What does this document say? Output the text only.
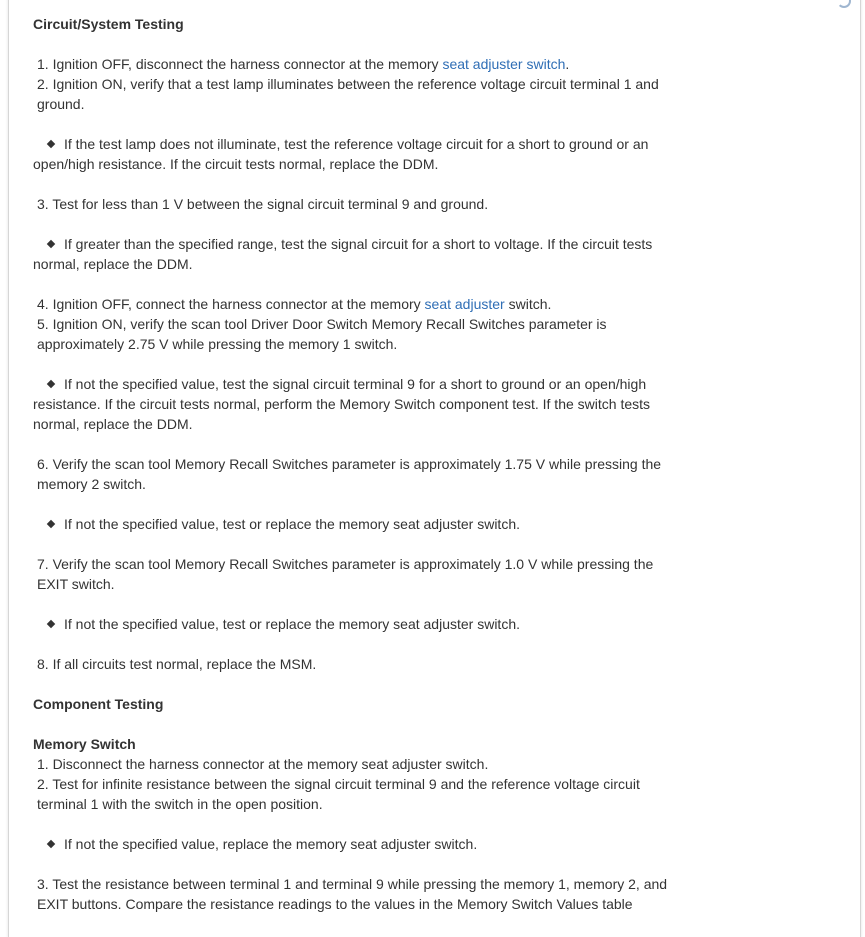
Circuit/System Testing

1. Ignition OFF, disconnect the harness connector at the memory seat adjuster switch.

2. Ignition ON, verify that a test lamp illuminates between the reference voltage circuit terminal 1 and ground.

If the test lamp does not illuminate, test the reference voltage circuit for a short to ground or an open/high resistance. If the circuit tests normal, replace the DDM.

3. Test for less than 1 V between the signal circuit terminal 9 and ground.

If greater than the specified range, test the signal circuit for a short to voltage. If the circuit tests normal, replace the DDM.

4. Ignition OFF, connect the harness connector at the memory seat adjuster switch.

5. Ignition ON, verify the scan tool Driver Door Switch Memory Recall Switches parameter is approximately 2.75 V while pressing the memory 1 switch.

If not the specified value, test the signal circuit terminal 9 for a short to ground or an open/high resistance. If the circuit tests normal, perform the Memory Switch component test. If the switch tests normal, replace the DDM.

6. Verify the scan tool Memory Recall Switches parameter is approximately 1.75 V while pressing the memory 2 switch.

If not the specified value, test or replace the memory seat adjuster switch.

7. Verify the scan tool Memory Recall Switches parameter is approximately 1.0 V while pressing the EXIT switch.

If not the specified value, test or replace the memory seat adjuster switch.

8. If all circuits test normal, replace the MSM.

Component Testing

Memory Switch

1. Disconnect the harness connector at the memory seat adjuster switch.

2. Test for infinite resistance between the signal circuit terminal 9 and the reference voltage circuit terminal 1 with the switch in the open position.

If not the specified value, replace the memory seat adjuster switch.

3. Test the resistance between terminal 1 and terminal 9 while pressing the memory 1, memory 2, and EXIT buttons. Compare the resistance readings to the values in the Memory Switch Values table
